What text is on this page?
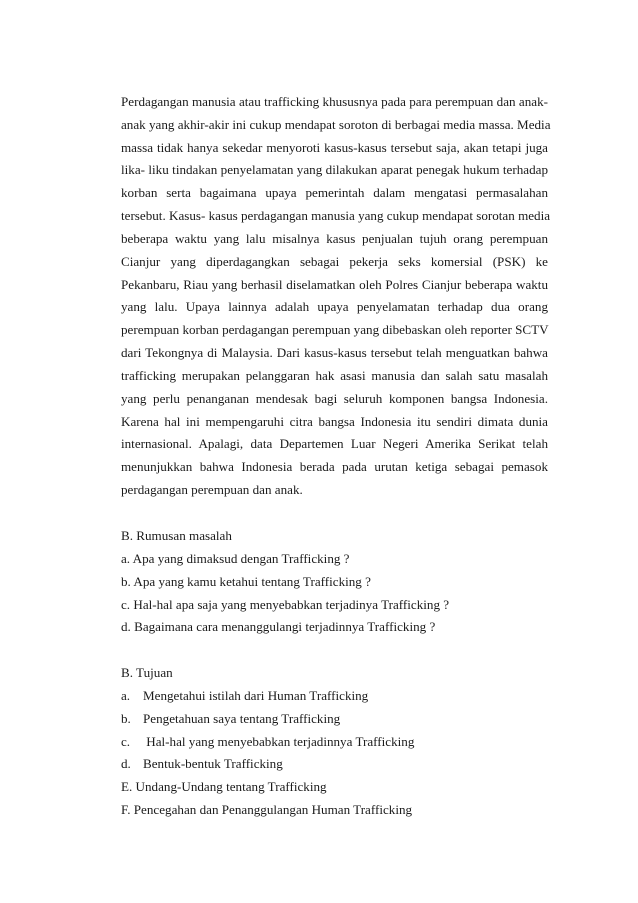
Perdagangan manusia atau trafficking khususnya pada para perempuan dan anak-
anak yang akhir-akir ini cukup mendapat soroton di berbagai media massa. Media
massa tidak hanya sekedar menyoroti kasus-kasus tersebut saja, akan tetapi juga
lika- liku tindakan penyelamatan yang dilakukan aparat penegak hukum terhadap
korban serta bagaimana upaya pemerintah dalam mengatasi permasalahan
tersebut. Kasus- kasus perdagangan manusia yang cukup mendapat sorotan media
beberapa waktu yang lalu misalnya kasus penjualan tujuh orang perempuan
Cianjur yang diperdagangkan sebagai pekerja seks komersial (PSK) ke
Pekanbaru, Riau yang berhasil diselamatkan oleh Polres Cianjur beberapa waktu
yang lalu. Upaya lainnya adalah upaya penyelamatan terhadap dua orang
perempuan korban perdagangan perempuan yang dibebaskan oleh reporter SCTV
dari Tekongnya di Malaysia. Dari kasus-kasus tersebut telah menguatkan bahwa
trafficking merupakan pelanggaran hak asasi manusia dan salah satu masalah
yang perlu penanganan mendesak bagi seluruh komponen bangsa Indonesia.
Karena hal ini mempengaruhi citra bangsa Indonesia itu sendiri dimata dunia
internasional. Apalagi, data Departemen Luar Negeri Amerika Serikat telah
menunjukkan bahwa Indonesia berada pada urutan ketiga sebagai pemasok
perdagangan perempuan dan anak.
B. Rumusan masalah
a. Apa yang dimaksud dengan Trafficking ?
b. Apa yang kamu ketahui tentang Trafficking ?
c. Hal-hal apa saja yang menyebabkan terjadinya Trafficking ?
d. Bagaimana cara menanggulangi terjadinnya Trafficking ?
B. Tujuan
a. Mengetahui istilah dari Human Trafficking
b. Pengetahuan saya tentang Trafficking
c. Hal-hal yang menyebabkan terjadinnya Trafficking
d. Bentuk-bentuk Trafficking
E. Undang-Undang tentang Trafficking
F. Pencegahan dan Penanggulangan Human Trafficking
